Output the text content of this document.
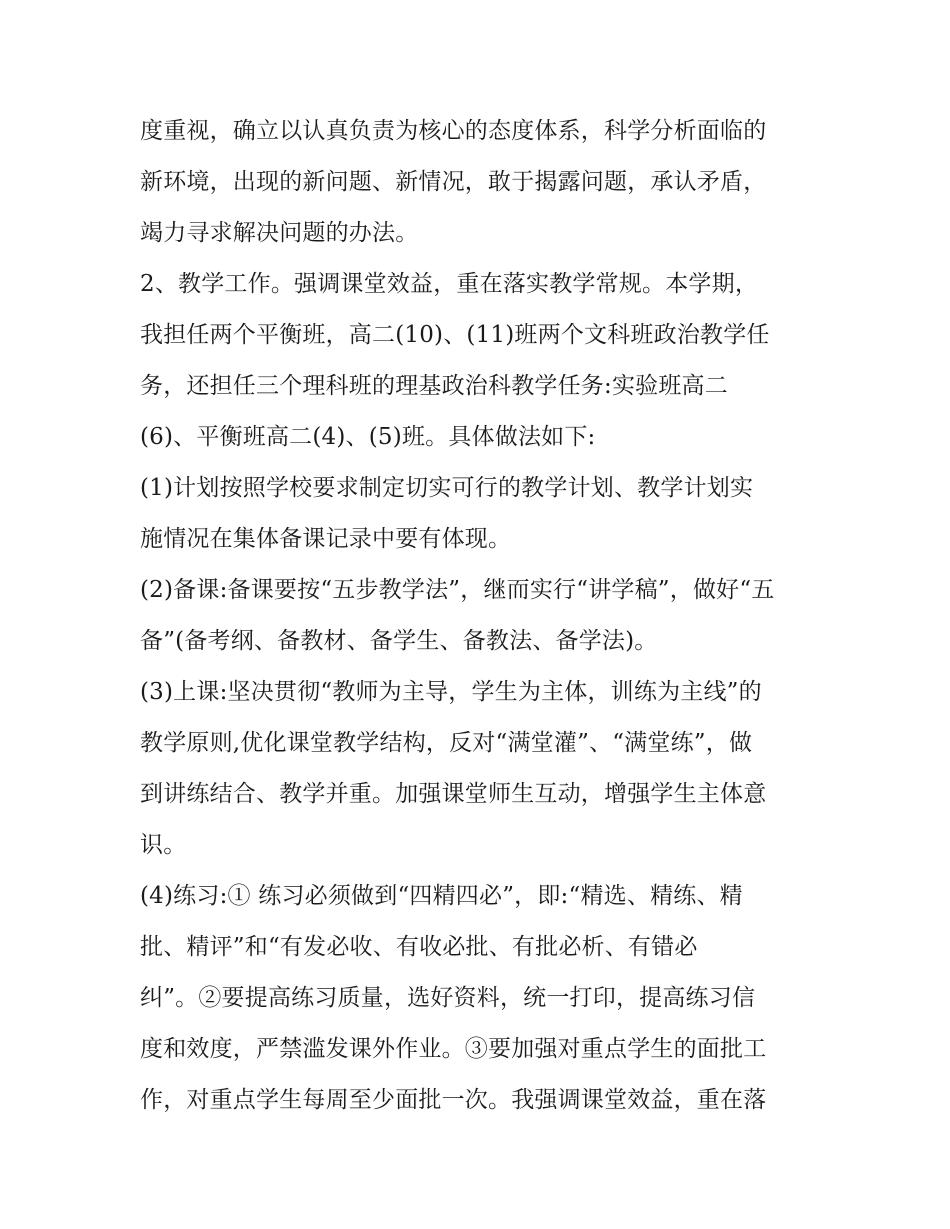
度重视，确立以认真负责为核心的态度体系，科学分析面临的
新环境，出现的新问题、新情况，敢于揭露问题，承认矛盾，
竭力寻求解决问题的办法。
2、教学工作。强调课堂效益，重在落实教学常规。本学期，
我担任两个平衡班，高二(10)、(11)班两个文科班政治教学任
务，还担任三个理科班的理基政治科教学任务:实验班高二
(6)、平衡班高二(4)、(5)班。具体做法如下:
(1)计划按照学校要求制定切实可行的教学计划、教学计划实
施情况在集体备课记录中要有体现。
(2)备课:备课要按“五步教学法”，继而实行“讲学稿”，做好“五
备”(备考纲、备教材、备学生、备教法、备学法)。
(3)上课:坚决贯彻“教师为主导，学生为主体，训练为主线”的
教学原则,优化课堂教学结构，反对“满堂灌”、“满堂练”，做
到讲练结合、教学并重。加强课堂师生互动，增强学生主体意
识。
(4)练习:① 练习必须做到“四精四必”，即:“精选、精练、精
批、精评”和“有发必收、有收必批、有批必析、有错必
纠”。②要提高练习质量，选好资料，统一打印，提高练习信
度和效度，严禁滥发课外作业。③要加强对重点学生的面批工
作，对重点学生每周至少面批一次。我强调课堂效益，重在落
